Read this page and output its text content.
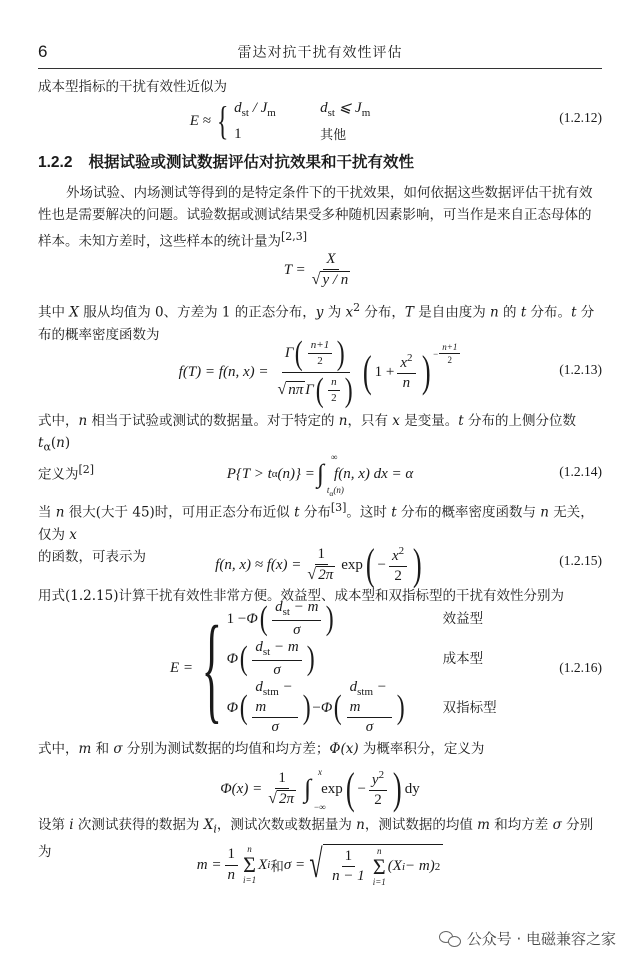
6	雷达对抗干扰有效性评估
成本型指标的干扰有效性近似为
E ≈ { $d_{st} / J_m$	$d_{st}$ ⩽ $J_m$
1	其他
(1.2.12)
1.2.2 根据试验或测试数据评估对抗效果和干扰有效性
外场试验、内场测试等得到的是特定条件下的干扰效果，如何依据这些数据评估干扰有效性也是需要解决的问题。试验数据或测试结果受多种随机因素影响，可当作是来自正态母体的样本。未知方差时，这些样本的统计量为[2,3]
$T = \frac{X}{√ y / n}$
其中 X 服从均值为 0、方差为 1 的正态分布，y 为 $x^2$ 分布，T 是自由度为 n 的 t 分布。t 分布的概率密度函数为
f(T) = f(n, $x) = \frac{\Gamma ( \frac{n+1}{2} )}{√ n\pi \Gamma ( \frac{n}{2} )}$ ( $1 + \frac{x^2}{n}$ ) − $\frac{n+1}{2}$
(1.2.13)
式中，n 相当于试验或测试的数据量。对于特定的 n，只有 x 是变量。t 分布的上侧分位数 $t_\alpha(n)$
定义为[2]	P{T > t α (n)} = ∫
∞
$t_\alpha(n)$
f(n, x) dx = α	(1.2.14)
当 n 很大(大于 45)时，可用正态分布近似 t 分布[3]。这时 t 分布的概率密度函数与 n 无关，仅为 x
的函数，可表示为	f(n, $x) \approx f(x) = \frac{1}{√ 2\pi}$ exp ( − $\frac{x^2}{2}$ )	(1.2.15)
用式(1.2.15)计算干扰有效性非常方便。效益型、成本型和双指标型的干扰有效性分别为
E = { 1 − Φ ( $\frac{d_{st} - m}{\sigma}$ )	效益型
Φ ( $\frac{d_{st} - m}{\sigma}$ )	成本型
Φ ( $\frac{d_{stm} - m}{\sigma}$ ) − Φ ( $\frac{d_{stm} - m}{\sigma}$ )	双指标型
(1.2.16)
式中，m 和 σ 分别为测试数据的均值和均方差；Φ(x) 为概率积分，定义为
$\Phi(x) = \frac{1}{√ 2\pi}$ ∫
x
−∞
exp ( − $\frac{y^2}{2}$ ) dy
设第 i 次测试获得的数据为 $X_i$，测试次数或数据量为 n，测试数据的均值 m 和均方差 σ 分别为
$m = \frac{1}{n}$ n
Σ
i=1
X i 和 σ = √ $\frac{1}{n - 1}$ n
Σ
i=1
(X i − m) 2
公众号 · 电磁兼容之家
